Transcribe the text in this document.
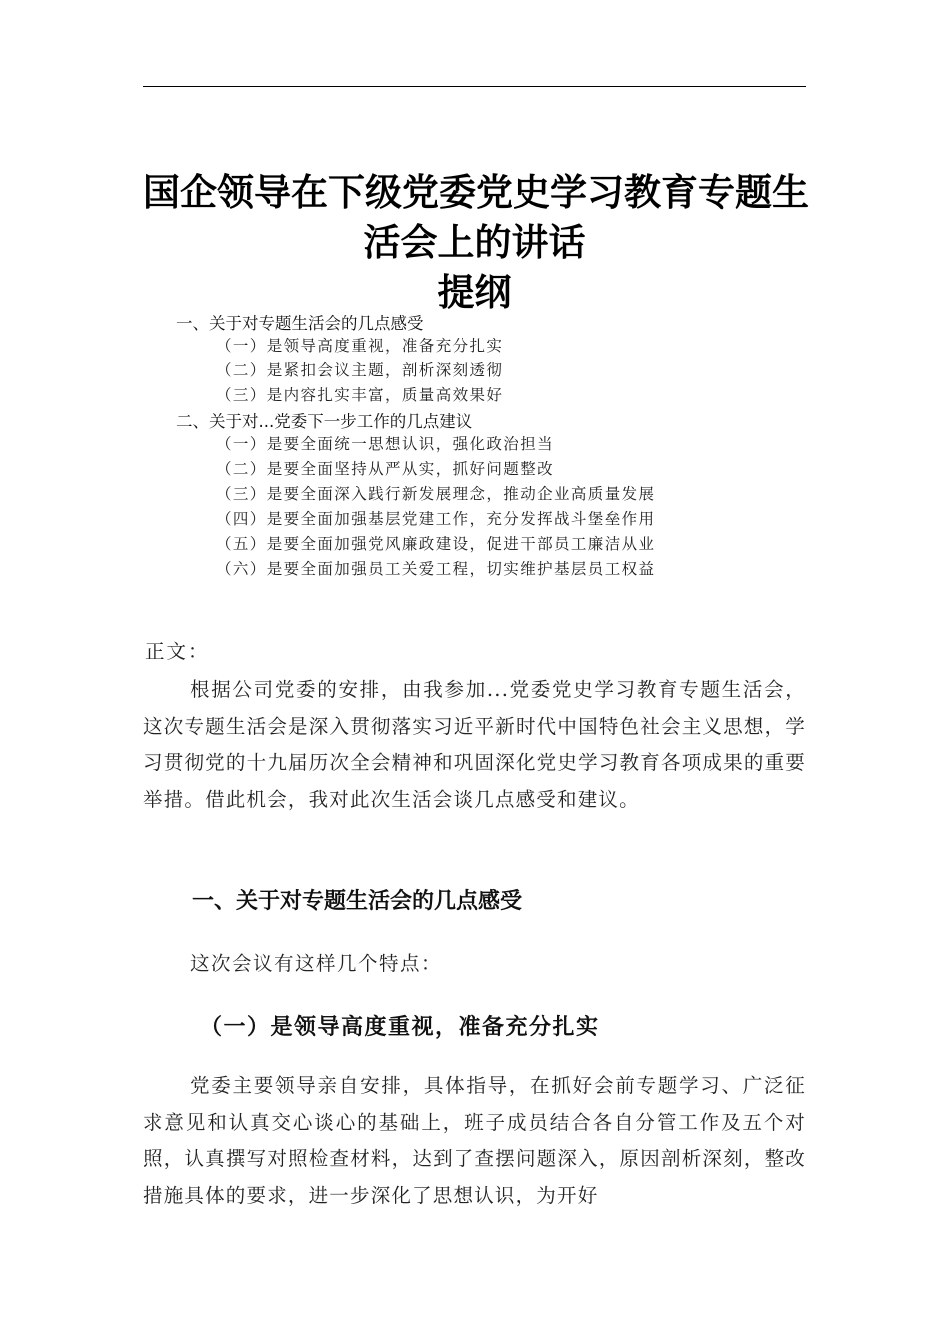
国企领导在下级党委党史学习教育专题生
活会上的讲话
提纲
一、关于对专题生活会的几点感受
（一）是领导高度重视，准备充分扎实
（二）是紧扣会议主题，剖析深刻透彻
（三）是内容扎实丰富，质量高效果好
二、关于对...党委下一步工作的几点建议
（一）是要全面统一思想认识，强化政治担当
（二）是要全面坚持从严从实，抓好问题整改
（三）是要全面深入践行新发展理念，推动企业高质量发展
（四）是要全面加强基层党建工作，充分发挥战斗堡垒作用
（五）是要全面加强党风廉政建设，促进干部员工廉洁从业
（六）是要全面加强员工关爱工程，切实维护基层员工权益
正文：

根据公司党委的安排，由我参加...党委党史学习教育专题生活会，这次专题生活会是深入贯彻落实习近平新时代中国特色社会主义思想，学习贯彻党的十九届历次全会精神和巩固深化党史学习教育各项成果的重要举措。借此机会，我对此次生活会谈几点感受和建议。

一、关于对专题生活会的几点感受
这次会议有这样几个特点：
（一）是领导高度重视，准备充分扎实

党委主要领导亲自安排，具体指导，在抓好会前专题学习、广泛征求意见和认真交心谈心的基础上，班子成员结合各自分管工作及五个对照，认真撰写对照检查材料，达到了查摆问题深入，原因剖析深刻，整改措施具体的要求，进一步深化了思想认识，为开好
